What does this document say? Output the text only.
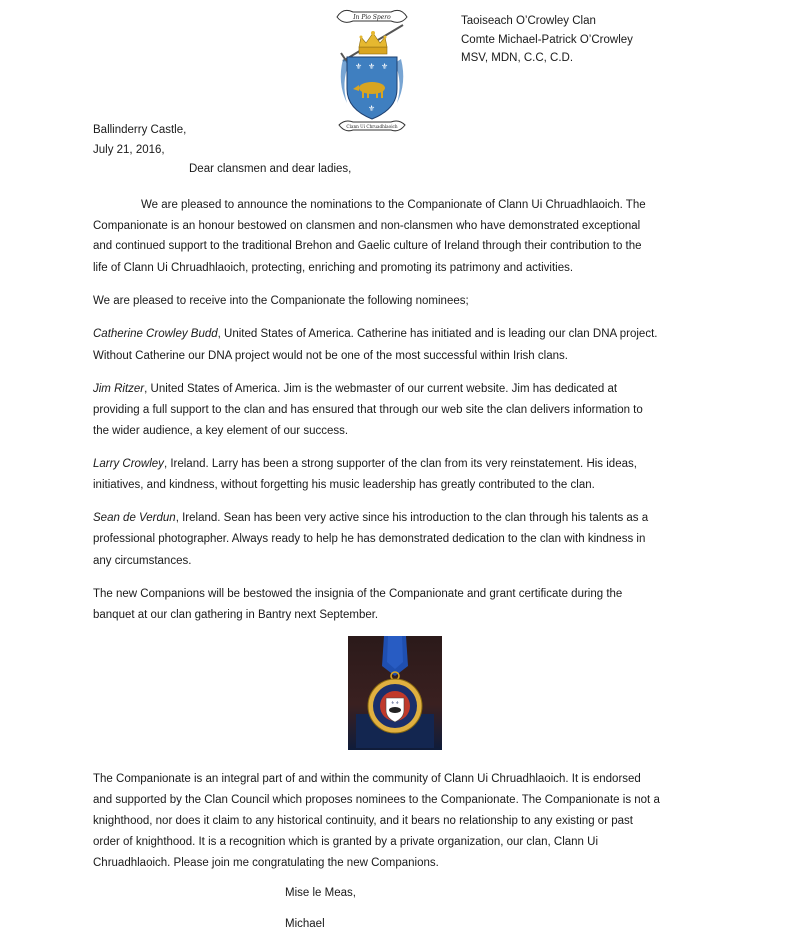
In Pio Spero
⚜ ⚜ ⚜
⚜
Clann Uí Chruadhlaoich
Taoiseach O’Crowley Clan
Comte Michael-Patrick O’Crowley
MSV, MDN, C.C, C.D.
Ballinderry Castle,
July 21, 2016,
Dear clansmen and dear ladies,
We are pleased to announce the nominations to the Companionate of Clann Ui Chruadhlaoich. The
Companionate is an honour bestowed on clansmen and non-clansmen who have demonstrated exceptional
and continued support to the traditional Brehon and Gaelic culture of Ireland through their contribution to the
life of Clann Ui Chruadhlaoich, protecting, enriching and promoting its patrimony and activities.
We are pleased to receive into the Companionate the following nominees;
Catherine Crowley Budd, United States of America. Catherine has initiated and is leading our clan DNA project.
Without Catherine our DNA project would not be one of the most successful within Irish clans.
Jim Ritzer, United States of America. Jim is the webmaster of our current website. Jim has dedicated at
providing a full support to the clan and has ensured that through our web site the clan delivers information to
the wider audience, a key element of our success.
Larry Crowley, Ireland. Larry has been a strong supporter of the clan from its very reinstatement. His ideas,
initiatives, and kindness, without forgetting his music leadership has greatly contributed to the clan.
Sean de Verdun, Ireland. Sean has been very active since his introduction to the clan through his talents as a
professional photographer. Always ready to help he has demonstrated dedication to the clan with kindness in
any circumstances.
The new Companions will be bestowed the insignia of the Companionate and grant certificate during the
banquet at our clan gathering in Bantry next September.
⚜ ⚜
The Companionate is an integral part of and within the community of Clann Ui Chruadhlaoich. It is endorsed
and supported by the Clan Council which proposes nominees to the Companionate. The Companionate is not a
knighthood, nor does it claim to any historical continuity, and it bears no relationship to any existing or past
order of knighthood. It is a recognition which is granted by a private organization, our clan, Clann Ui
Chruadhlaoich. Please join me congratulating the new Companions.
Mise le Meas,
Michael
